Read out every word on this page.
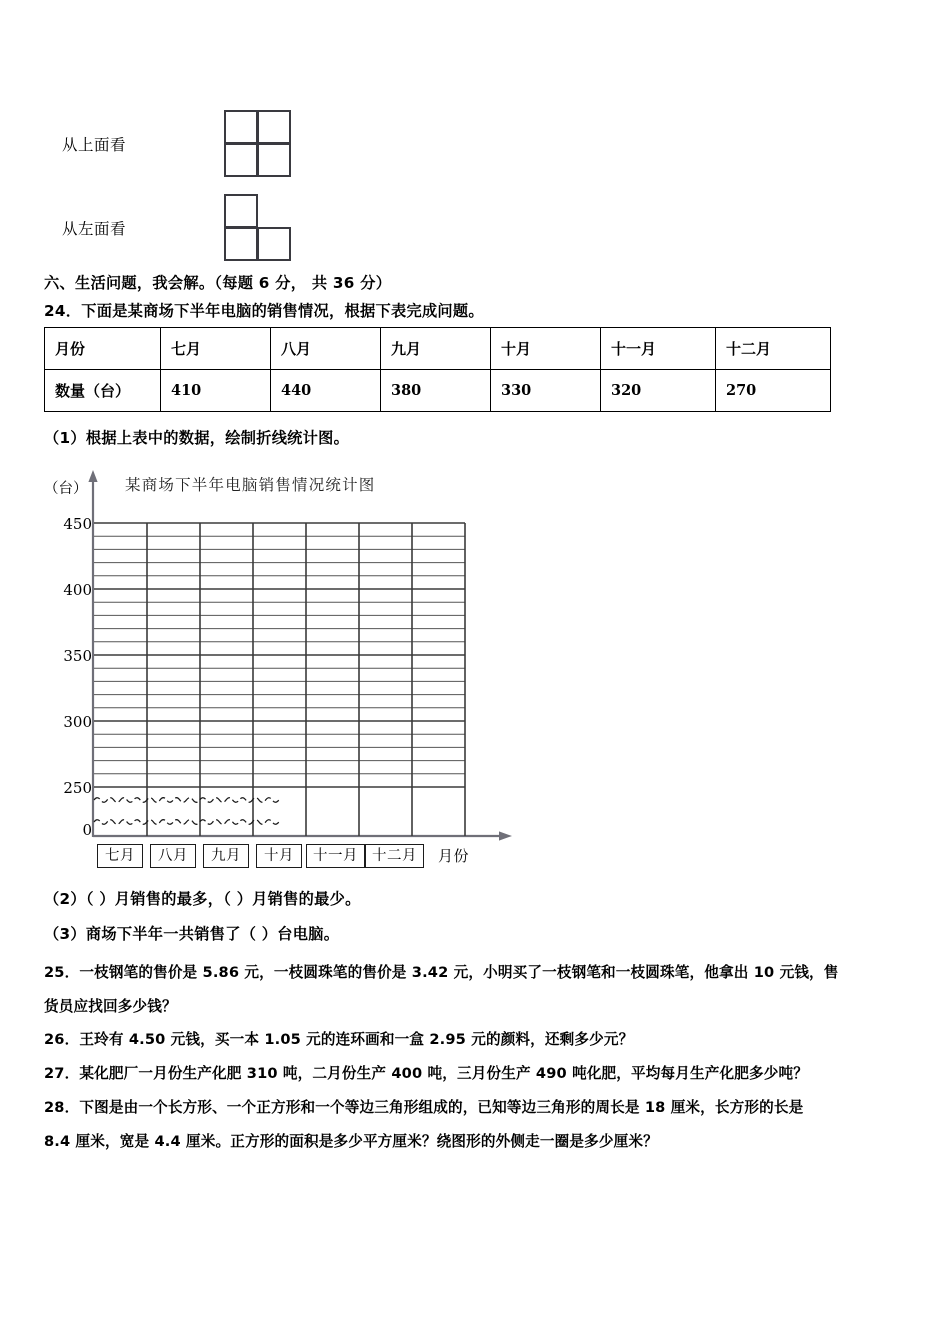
从上面看
从左面看
六、生活问题，我会解。（每题 6 分， 共 36 分）
24．下面是某商场下半年电脑的销售情况，根据下表完成问题。
月份	七月	八月	九月	十月	十一月	十二月
数量（台）	410	440	380	330	320	270
（1）根据上表中的数据，绘制折线统计图。
（台） 某商场下半年电脑销售情况统计图
450
400
350
300
250
0
七月	八月	九月	十月	十一月 十二月	月份
（2）（ ）月销售的最多，（ ）月销售的最少。
（3）商场下半年一共销售了（ ）台电脑。
25．一枝钢笔的售价是 5.86 元，一枝圆珠笔的售价是 3.42 元，小明买了一枝钢笔和一枝圆珠笔，他拿出 10 元钱，售
货员应找回多少钱？
26．王玲有 4.50 元钱，买一本 1.05 元的连环画和一盒 2.95 元的颜料，还剩多少元？
27．某化肥厂一月份生产化肥 310 吨，二月份生产 400 吨，三月份生产 490 吨化肥，平均每月生产化肥多少吨？
28．下图是由一个长方形、一个正方形和一个等边三角形组成的，已知等边三角形的周长是 18 厘米，长方形的长是
8.4 厘米，宽是 4.4 厘米。正方形的面积是多少平方厘米？绕图形的外侧走一圈是多少厘米？
